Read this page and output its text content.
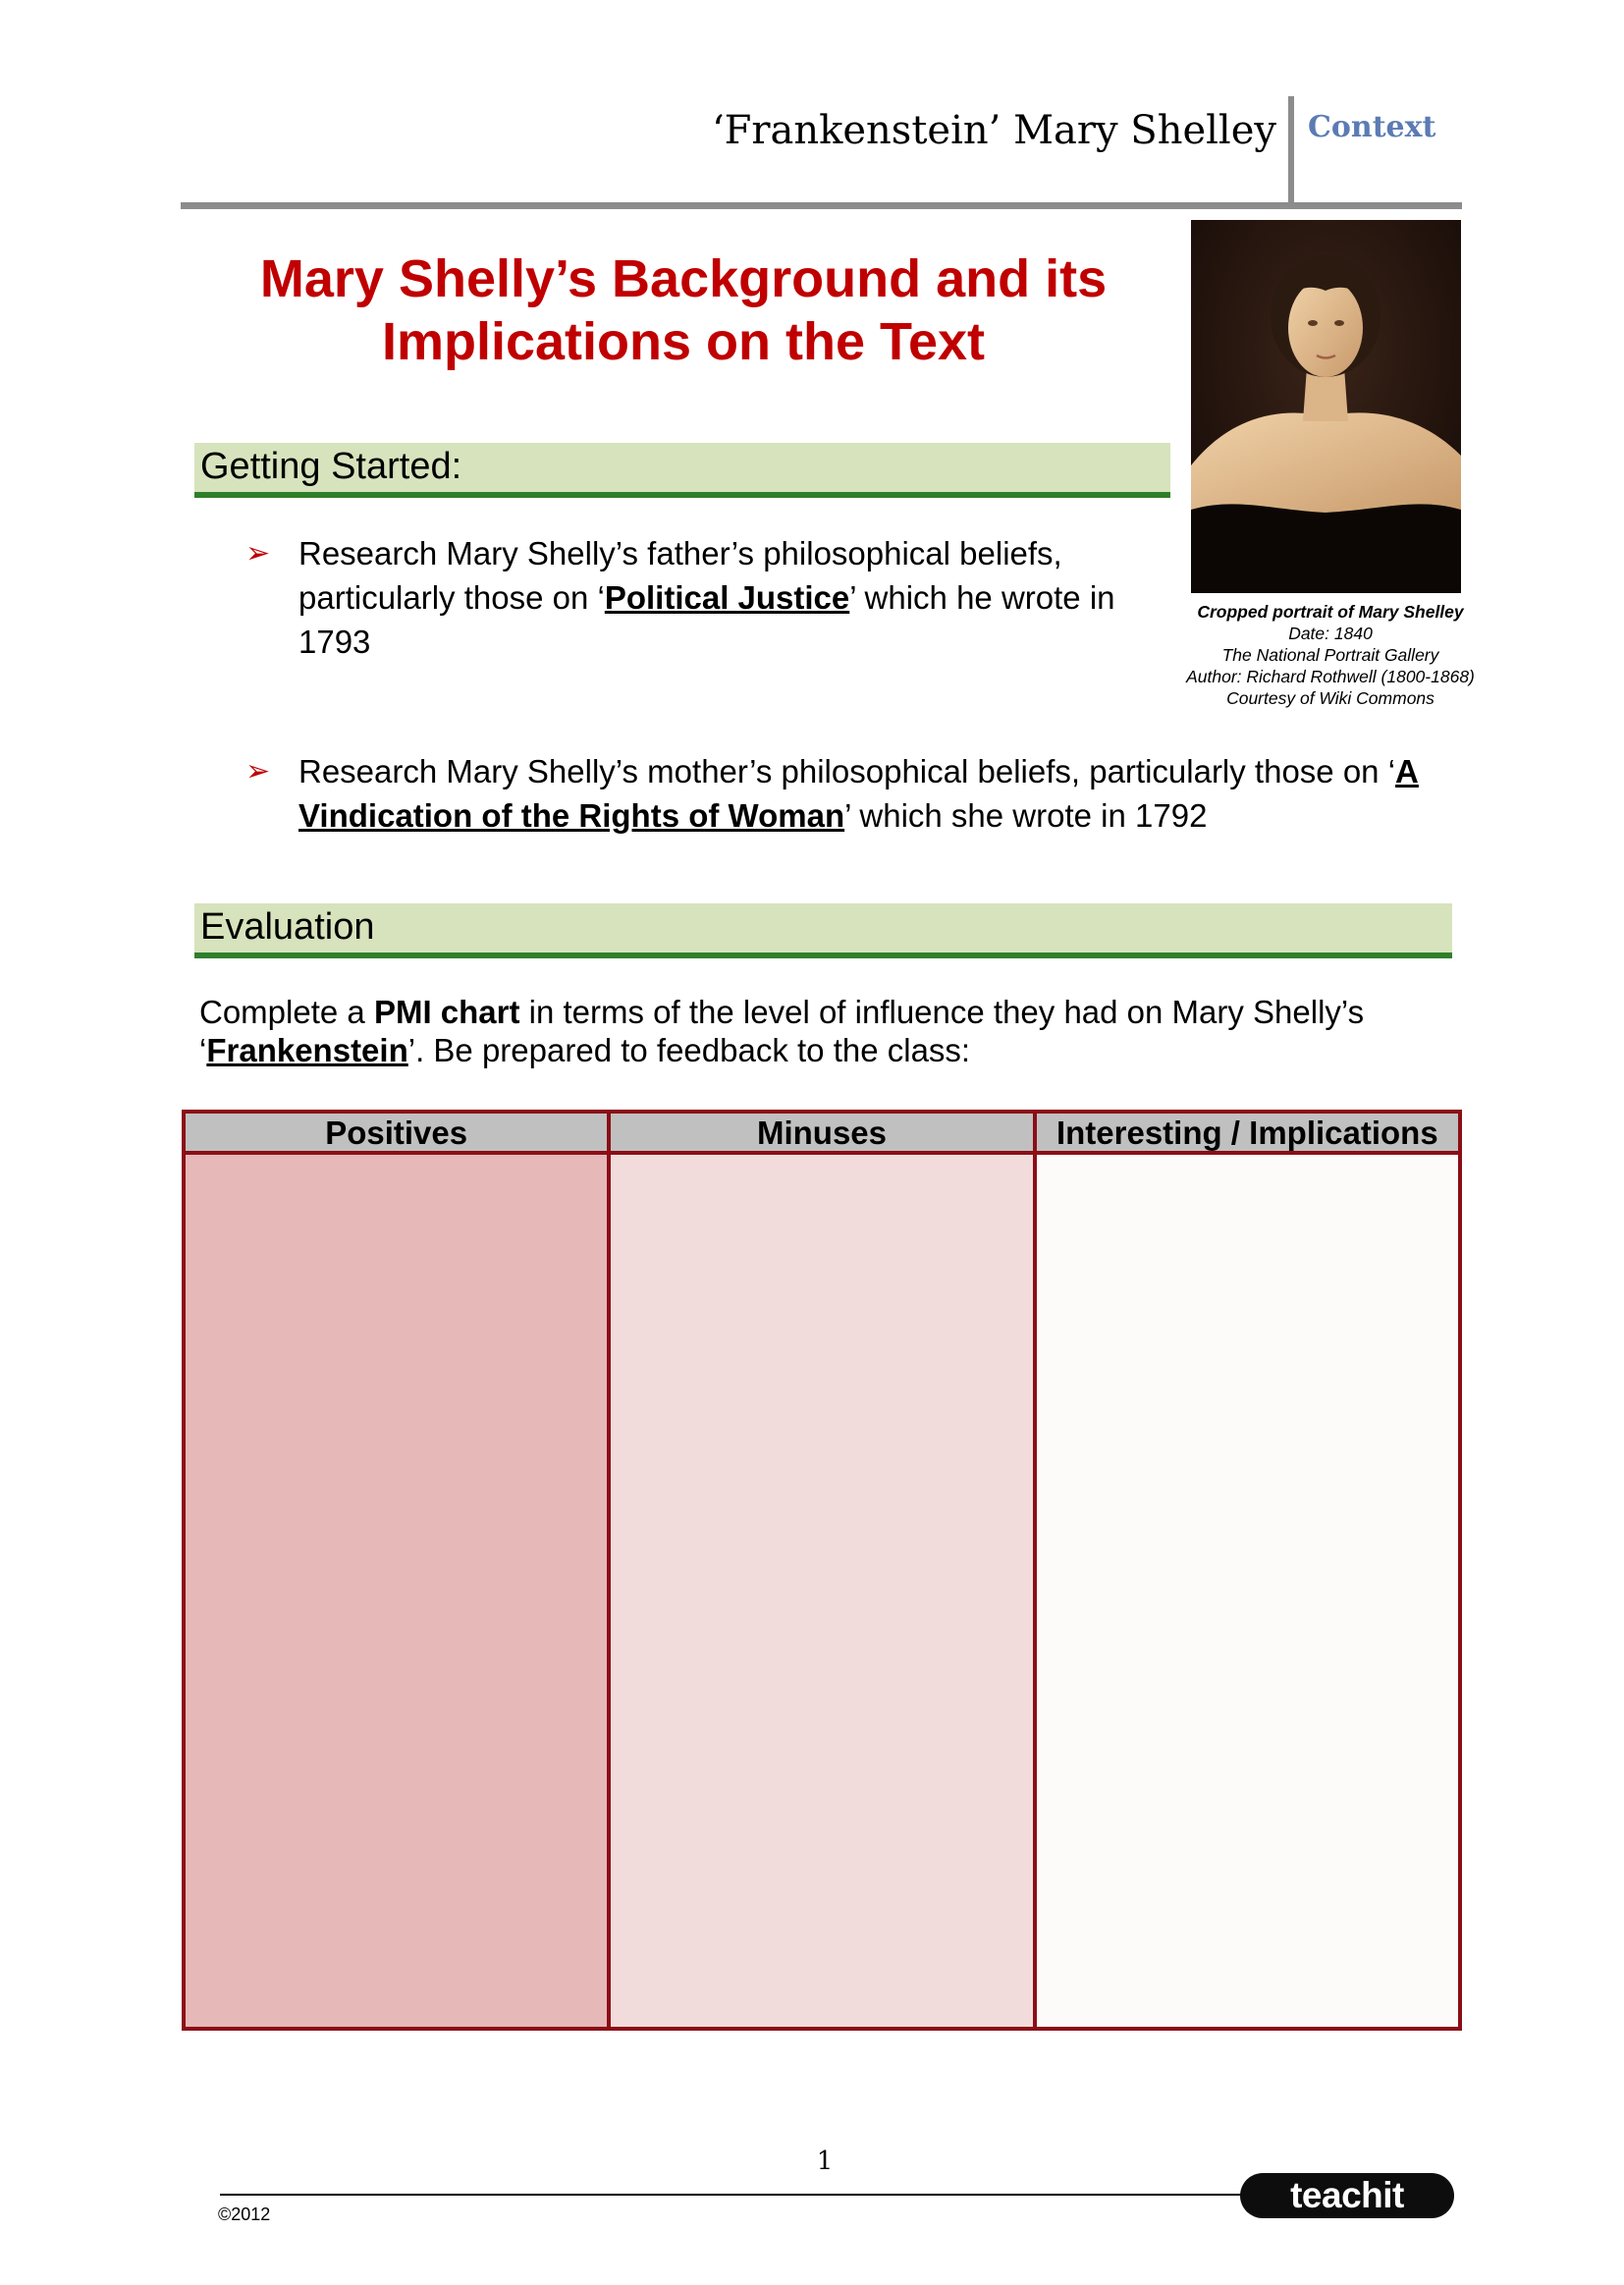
‘Frankenstein’ Mary Shelley Context
Mary Shelly’s Background and its
Implications on the Text
Cropped portrait of Mary Shelley
Date: 1840
The National Portrait Gallery
Author: Richard Rothwell (1800-1868)
Courtesy of Wiki Commons
Getting Started:
➢ Research Mary Shelly’s father’s philosophical beliefs, particularly those on ‘Political Justice’ which he wrote in 1793
➢ Research Mary Shelly’s mother’s philosophical beliefs, particularly those on ‘A Vindication of the Rights of Woman’ which she wrote in 1792
Evaluation
Complete a PMI chart in terms of the level of influence they had on Mary Shelly’s ‘Frankenstein’. Be prepared to feedback to the class:
Positives	Minuses	Interesting / Implications
1
©2012	teachit
